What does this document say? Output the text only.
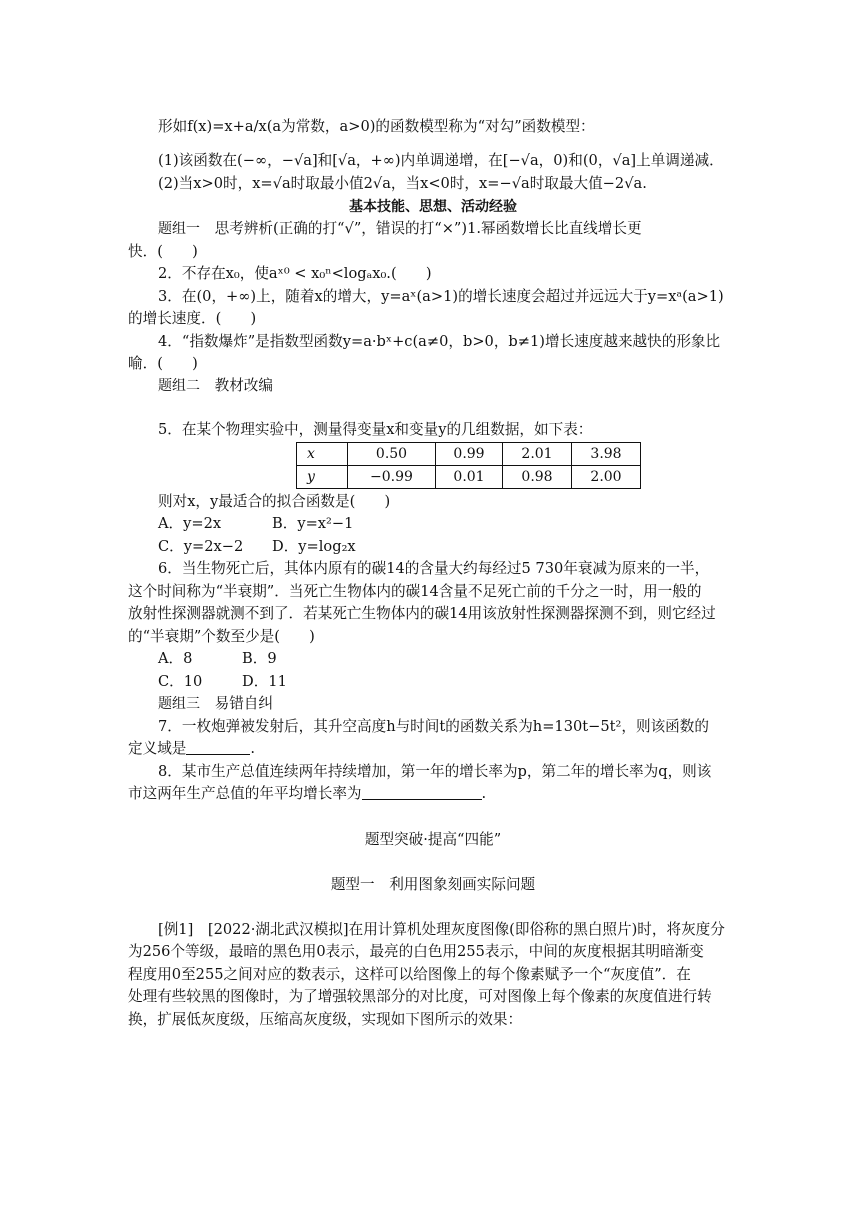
形如f(x)=x+a/x(a为常数，a>0)的函数模型称为“对勾”函数模型：
(1)该函数在(−∞，−√a]和[√a，+∞)内单调递增，在[−√a，0)和(0，√a]上单调递减．
(2)当x>0时，x=√a时取最小值2√a，当x<0时，x=−√a时取最大值−2√a.
基本技能、思想、活动经验
题组一　 思考辨析(正确的打“√”，错误的打“×”)1.幂函数增长比直线增长更
快．(　　)
2．不存在x₀，使aˣ⁰ < x₀ⁿ<logₐx₀.(　　)
3．在(0，+∞)上，随着x的增大，y=aˣ(a>1)的增长速度会超过并远远大于y=xᵃ(a>1)
的增长速度．(　　)
4．“指数爆炸”是指数型函数y=a·bˣ+c(a≠0，b>0，b≠1)增长速度越来越快的形象比
喻．(　　)
题组二　 教材改编
5．在某个物理实验中，测量得变量x和变量y的几组数据，如下表：
x	0.50	0.99	2.01	3.98
y	−0.99	0.01	0.98	2.00
则对x，y最适合的拟合函数是(　　)
A．y=2x	B．y=x²−1
C．y=2x−2 D．y=log₂x
6．当生物死亡后，其体内原有的碳14的含量大约每经过5 730年衰减为原来的一半，
这个时间称为“半衰期”．当死亡生物体内的碳14含量不足死亡前的千分之一时，用一般的
放射性探测器就测不到了．若某死亡生物体内的碳14用该放射性探测器探测不到，则它经过
的“半衰期”个数至少是(　　)
A．8	B．9
C．10	D．11
题组三　 易错自纠
7．一枚炮弹被发射后，其升空高度h与时间t的函数关系为h=130t−5t²，则该函数的
定义域是	.
8．某市生产总值连续两年持续增加，第一年的增长率为p，第二年的增长率为q，则该
市这两年生产总值的年平均增长率为	.
题型突破·提高“四能”
题型一　利用图象刻画实际问题
[例1]　 [2022·湖北武汉模拟]在用计算机处理灰度图像(即俗称的黑白照片)时，将灰度分
为256个等级，最暗的黑色用0表示，最亮的白色用255表示，中间的灰度根据其明暗渐变
程度用0至255之间对应的数表示，这样可以给图像上的每个像素赋予一个“灰度值”．在
处理有些较黑的图像时，为了增强较黑部分的对比度，可对图像上每个像素的灰度值进行转
换，扩展低灰度级，压缩高灰度级，实现如下图所示的效果：
